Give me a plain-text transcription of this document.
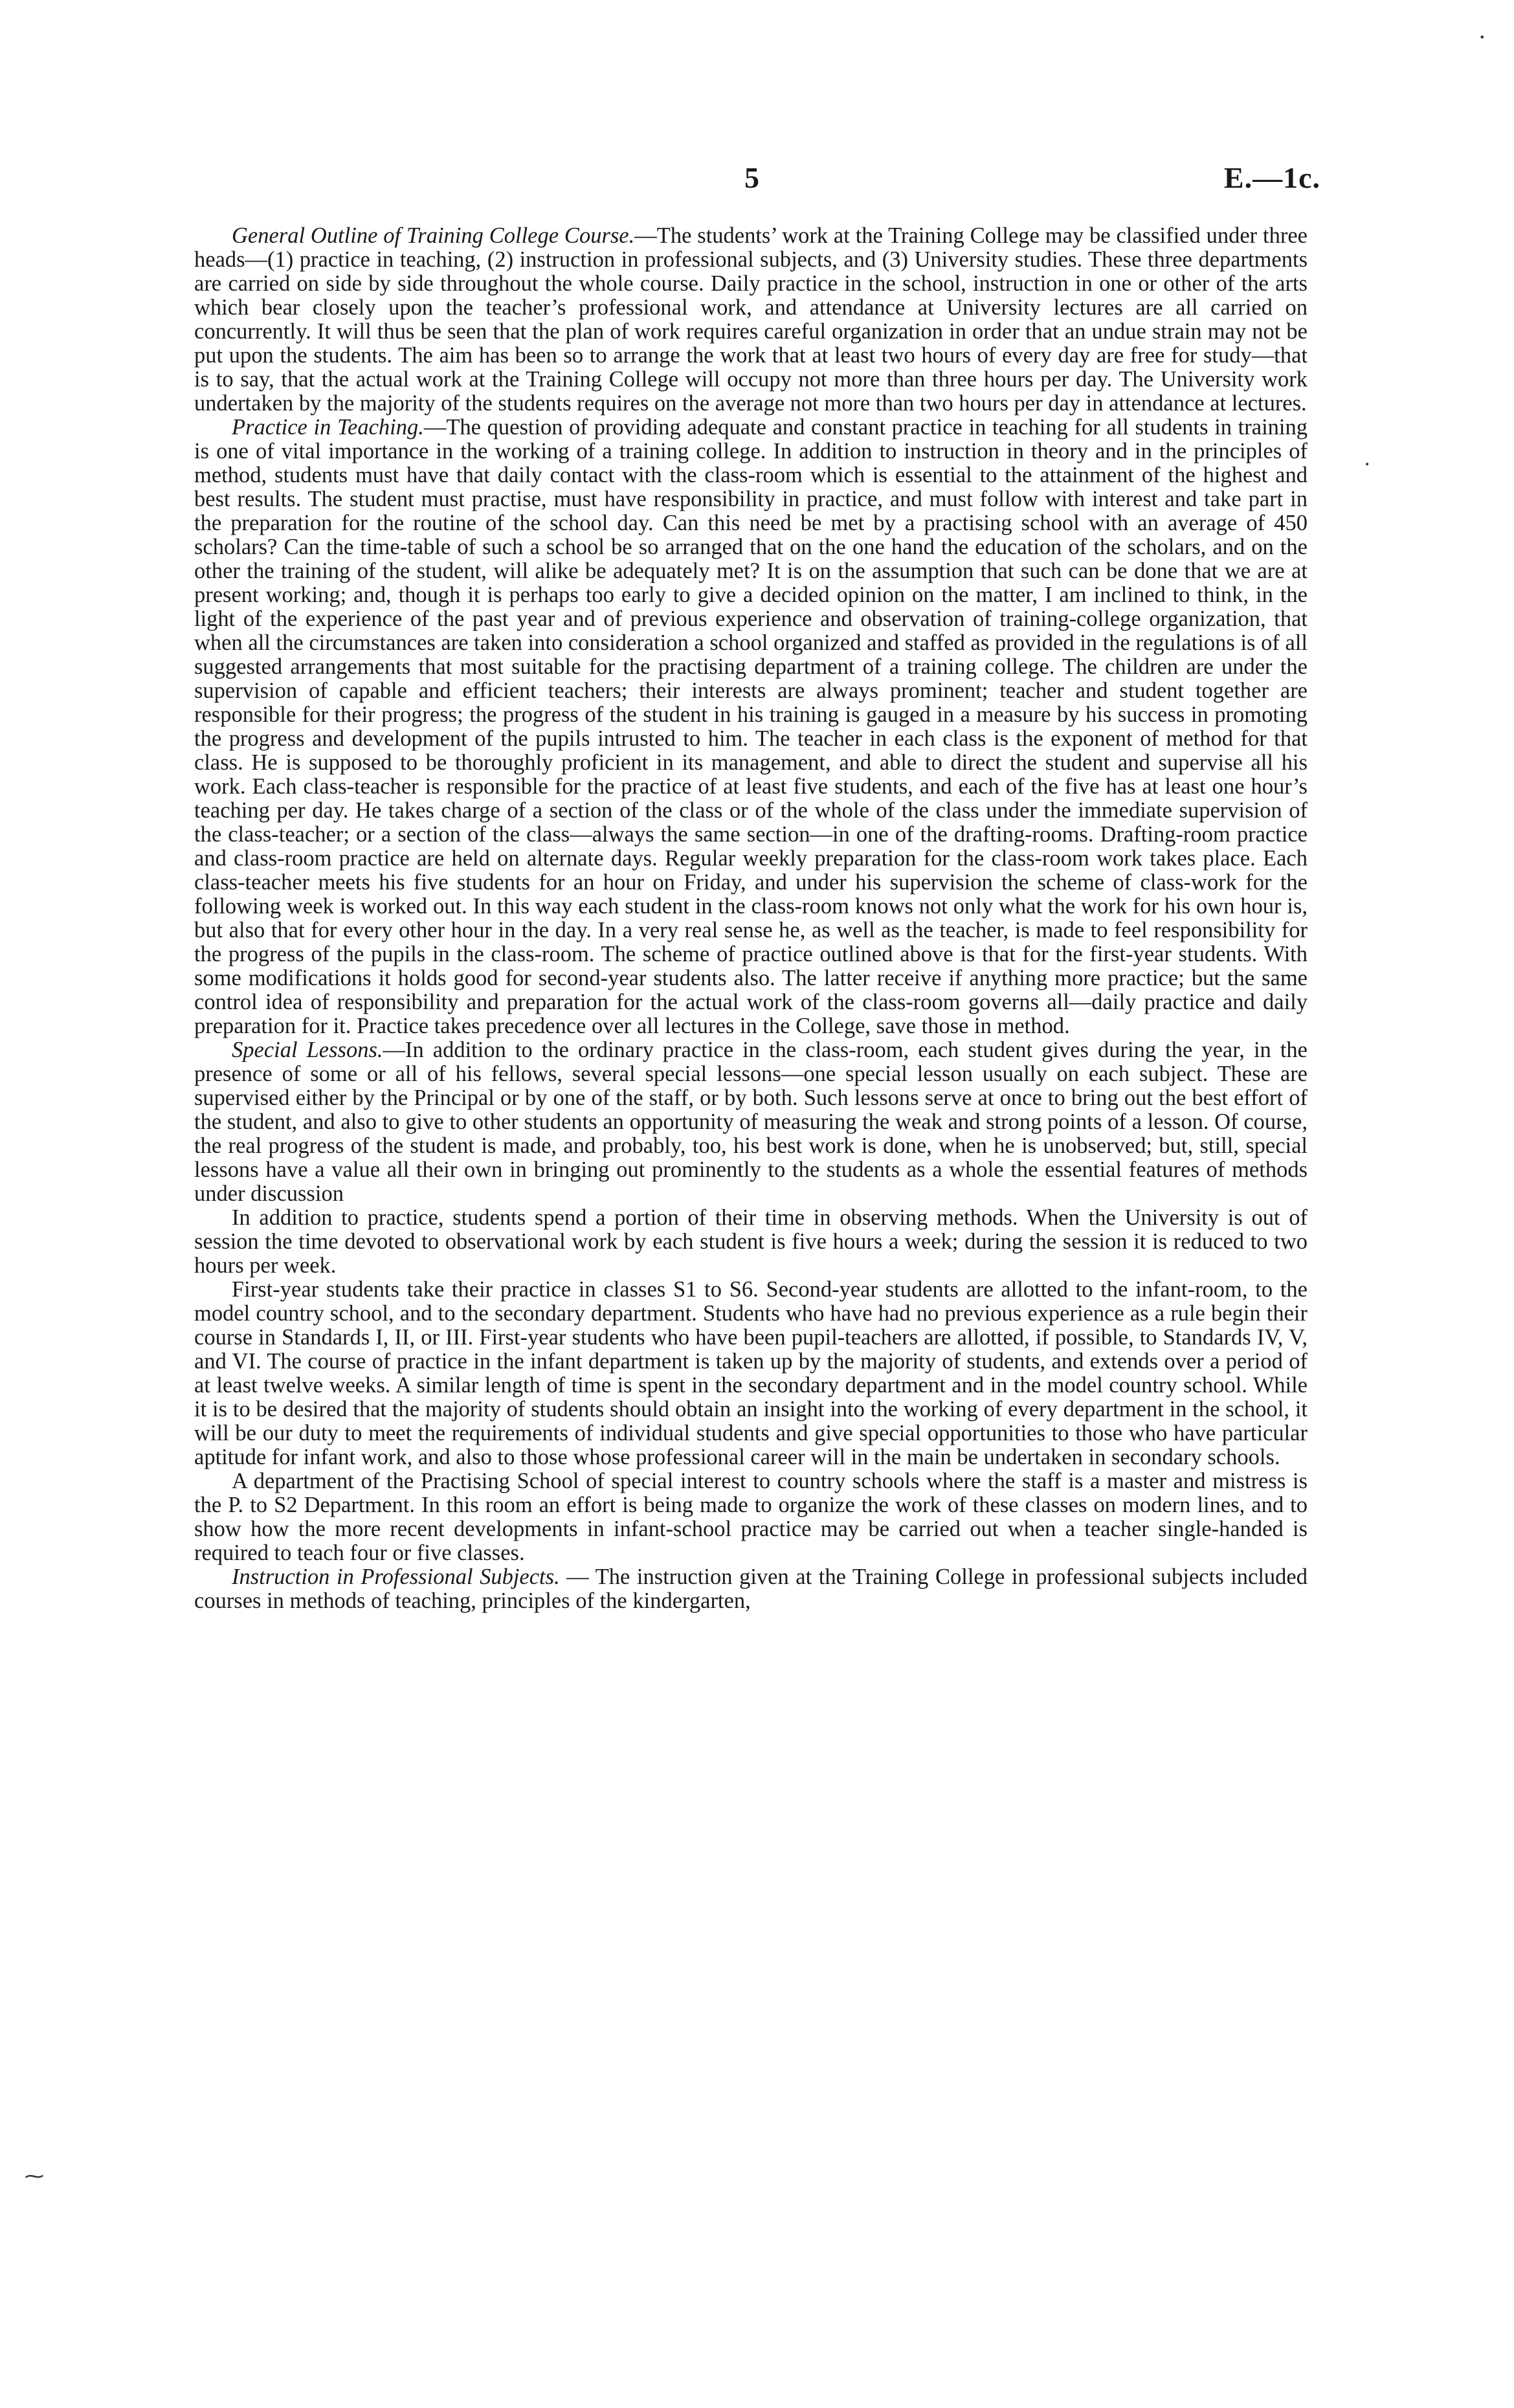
5	E.—1c.

General Outline of Training College Course.—The students’ work at the Training College may be classified under three heads—(1) practice in teaching, (2) instruction in professional subjects, and (3) University studies. These three departments are carried on side by side throughout the whole course. Daily practice in the school, instruction in one or other of the arts which bear closely upon the teacher’s professional work, and attendance at University lectures are all carried on concurrently. It will thus be seen that the plan of work requires careful organization in order that an undue strain may not be put upon the students. The aim has been so to arrange the work that at least two hours of every day are free for study—that is to say, that the actual work at the Training College will occupy not more than three hours per day. The University work undertaken by the majority of the students requires on the average not more than two hours per day in attendance at lectures.

Practice in Teaching.—The question of providing adequate and constant practice in teaching for all students in training is one of vital importance in the working of a training college. In addition to instruction in theory and in the principles of method, students must have that daily contact with the class-room which is essential to the attainment of the highest and best results. The student must practise, must have responsibility in practice, and must follow with interest and take part in the preparation for the routine of the school day. Can this need be met by a practising school with an average of 450 scholars? Can the time-table of such a school be so arranged that on the one hand the education of the scholars, and on the other the training of the student, will alike be adequately met? It is on the assumption that such can be done that we are at present working; and, though it is perhaps too early to give a decided opinion on the matter, I am inclined to think, in the light of the experience of the past year and of previous experience and observation of training-college organization, that when all the circumstances are taken into consideration a school organized and staffed as provided in the regulations is of all suggested arrangements that most suitable for the practising department of a training college. The children are under the supervision of capable and efficient teachers; their interests are always prominent; teacher and student together are responsible for their progress; the progress of the student in his training is gauged in a measure by his success in promoting the progress and development of the pupils intrusted to him. The teacher in each class is the exponent of method for that class. He is supposed to be thoroughly proficient in its management, and able to direct the student and supervise all his work. Each class-teacher is responsible for the practice of at least five students, and each of the five has at least one hour’s teaching per day. He takes charge of a section of the class or of the whole of the class under the immediate supervision of the class-teacher; or a section of the class—always the same section—in one of the drafting-rooms. Drafting-room practice and class-room practice are held on alternate days. Regular weekly preparation for the class-room work takes place. Each class-teacher meets his five students for an hour on Friday, and under his supervision the scheme of class-work for the following week is worked out. In this way each student in the class-room knows not only what the work for his own hour is, but also that for every other hour in the day. In a very real sense he, as well as the teacher, is made to feel responsibility for the progress of the pupils in the class-room. The scheme of practice outlined above is that for the first-year students. With some modifications it holds good for second-year students also. The latter receive if anything more practice; but the same control idea of responsibility and preparation for the actual work of the class-room governs all—daily practice and daily preparation for it. Practice takes precedence over all lectures in the College, save those in method.

Special Lessons.—In addition to the ordinary practice in the class-room, each student gives during the year, in the presence of some or all of his fellows, several special lessons—one special lesson usually on each subject. These are supervised either by the Principal or by one of the staff, or by both. Such lessons serve at once to bring out the best effort of the student, and also to give to other students an opportunity of measuring the weak and strong points of a lesson. Of course, the real progress of the student is made, and probably, too, his best work is done, when he is unobserved; but, still, special lessons have a value all their own in bringing out prominently to the students as a whole the essential features of methods under discussion

In addition to practice, students spend a portion of their time in observing methods. When the University is out of session the time devoted to observational work by each student is five hours a week; during the session it is reduced to two hours per week.

First-year students take their practice in classes S1 to S6. Second-year students are allotted to the infant-room, to the model country school, and to the secondary department. Students who have had no previous experience as a rule begin their course in Standards I, II, or III. First-year students who have been pupil-teachers are allotted, if possible, to Standards IV, V, and VI. The course of practice in the infant department is taken up by the majority of students, and extends over a period of at least twelve weeks. A similar length of time is spent in the secondary department and in the model country school. While it is to be desired that the majority of students should obtain an insight into the working of every department in the school, it will be our duty to meet the requirements of individual students and give special opportunities to those who have particular aptitude for infant work, and also to those whose professional career will in the main be undertaken in secondary schools.

A department of the Practising School of special interest to country schools where the staff is a master and mistress is the P. to S2 Department. In this room an effort is being made to organize the work of these classes on modern lines, and to show how the more recent developments in infant-school practice may be carried out when a teacher single-handed is required to teach four or five classes.

Instruction in Professional Subjects. — The instruction given at the Training College in professional subjects included courses in methods of teaching, principles of the kindergarten,

•
•
⁓
